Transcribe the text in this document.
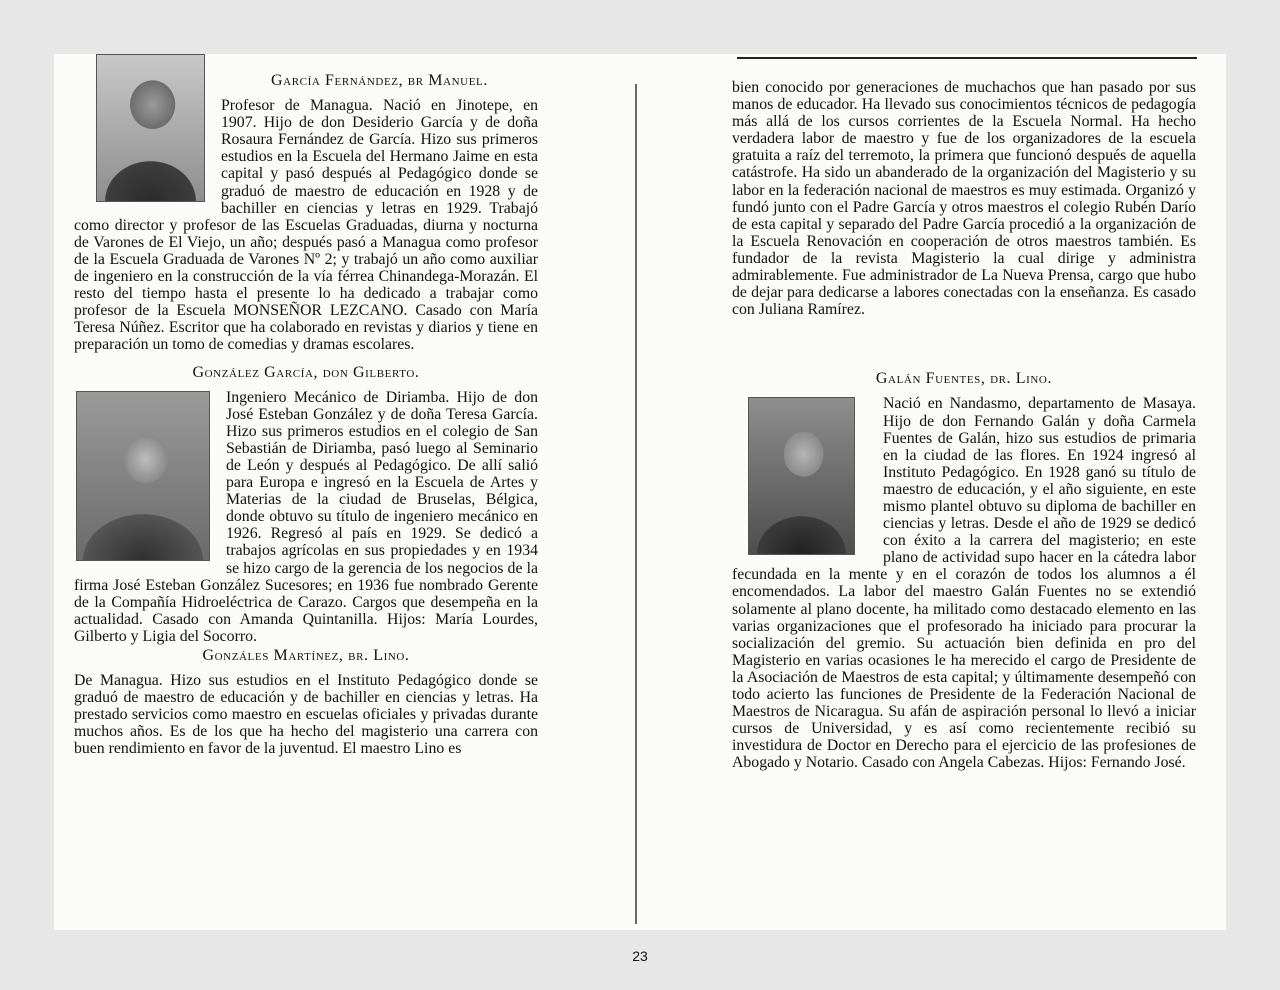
García Fernández, br Manuel.
Profesor de Managua. Nació en Jinotepe, en 1907. Hijo de don Desiderio García y de doña Rosaura Fernández de García. Hizo sus primeros estudios en la Escuela del Hermano Jaime en esta capital y pasó después al Pedagógico donde se graduó de maestro de educación en 1928 y de bachiller en ciencias y letras en 1929. Trabajó como director y profesor de las Escuelas Graduadas, diurna y nocturna de Varones de El Viejo, un año; después pasó a Managua como profesor de la Escuela Graduada de Varones Nº 2; y trabajó un año como auxiliar de ingeniero en la construcción de la vía férrea Chinandega-Morazán. El resto del tiempo hasta el presente lo ha dedicado a trabajar como profesor de la Escuela MONSEÑOR LEZCANO. Casado con María Teresa Núñez. Escritor que ha colaborado en revistas y diarios y tiene en preparación un tomo de comedias y dramas escolares.
González García, don Gilberto.
Ingeniero Mecánico de Diriamba. Hijo de don José Esteban González y de doña Teresa García. Hizo sus primeros estudios en el colegio de San Sebastián de Diriamba, pasó luego al Seminario de León y después al Pedagógico. De allí salió para Europa e ingresó en la Escuela de Artes y Materias de la ciudad de Bruselas, Bélgica, donde obtuvo su título de ingeniero mecánico en 1926. Regresó al país en 1929. Se dedicó a trabajos agrícolas en sus propiedades y en 1934 se hizo cargo de la gerencia de los negocios de la firma José Esteban González Sucesores; en 1936 fue nombrado Gerente de la Compañía Hidroeléctrica de Carazo. Cargos que desempeña en la actualidad. Casado con Amanda Quintanilla. Hijos: María Lourdes, Gilberto y Ligia del Socorro.
Gonzáles Martínez, br. Lino.
De Managua. Hizo sus estudios en el Instituto Pedagógico donde se graduó de maestro de educación y de bachiller en ciencias y letras. Ha prestado servicios como maestro en escuelas oficiales y privadas durante muchos años. Es de los que ha hecho del magisterio una carrera con buen rendimiento en favor de la juventud. El maestro Lino es
bien conocido por generaciones de muchachos que han pasado por sus manos de educador. Ha llevado sus conocimientos técnicos de pedagogía más allá de los cursos corrientes de la Escuela Normal. Ha hecho verdadera labor de maestro y fue de los organizadores de la escuela gratuita a raíz del terremoto, la primera que funcionó después de aquella catástrofe. Ha sido un abanderado de la organización del Magisterio y su labor en la federación nacional de maestros es muy estimada. Organizó y fundó junto con el Padre García y otros maestros el colegio Rubén Darío de esta capital y separado del Padre García procedió a la organización de la Escuela Renovación en cooperación de otros maestros también. Es fundador de la revista Magisterio la cual dirige y administra admirablemente. Fue administrador de La Nueva Prensa, cargo que hubo de dejar para dedicarse a labores conectadas con la enseñanza. Es casado con Juliana Ramírez.
Galán Fuentes, dr. Lino.
Nació en Nandasmo, departamento de Masaya. Hijo de don Fernando Galán y doña Carmela Fuentes de Galán, hizo sus estudios de primaria en la ciudad de las flores. En 1924 ingresó al Instituto Pedagógico. En 1928 ganó su título de maestro de educación, y el año siguiente, en este mismo plantel obtuvo su diploma de bachiller en ciencias y letras. Desde el año de 1929 se dedicó con éxito a la carrera del magisterio; en este plano de actividad supo hacer en la cátedra labor fecundada en la mente y en el corazón de todos los alumnos a él encomendados. La labor del maestro Galán Fuentes no se extendió solamente al plano docente, ha militado como destacado elemento en las varias organizaciones que el profesorado ha iniciado para procurar la socialización del gremio. Su actuación bien definida en pro del Magisterio en varias ocasiones le ha merecido el cargo de Presidente de la Asociación de Maestros de esta capital; y últimamente desempeñó con todo acierto las funciones de Presidente de la Federación Nacional de Maestros de Nicaragua. Su afán de aspiración personal lo llevó a iniciar cursos de Universidad, y es así como recientemente recibió su investidura de Doctor en Derecho para el ejercicio de las profesiones de Abogado y Notario. Casado con Angela Cabezas. Hijos: Fernando José.
23
